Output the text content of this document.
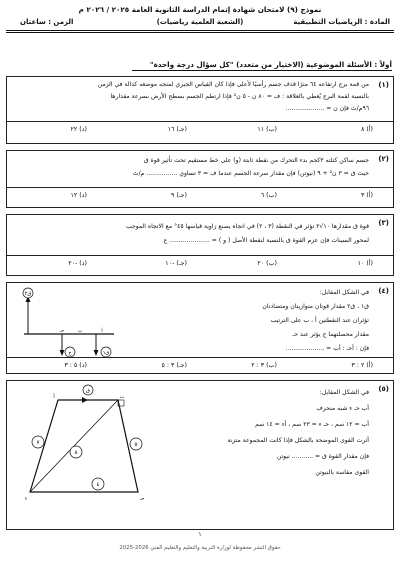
نموذج (٩) لامتحان شهادة إتمام الدراسة الثانوية العامة ٢٠٢٥ / ٢٠٢٦ م
المادة : الرياضيات التطبيقية
(الشعبة العلمية رياضيات)
الزمن : ساعتان
أولاً : الأسئلة الموضوعية (الاختيار من متعدد) "كل سؤال درجة واحدة"
(١)
من قمة برج ارتفاعه ٦٤ مترًا قذف جسم رأسيًا لأعلى فإذا كان القياس الجبري لمتجه موضعه كدالة في الزمن
بالنسبة لقمة البرج يُعطي بالعلاقة : ف = ٨٠ ن - ٥ ن² فإذا ارتطم الجسم بسطح الأرض بسرعة مقدارها
٩٦م/ث فإن ن = ....................
(أ) ٨
(ب) ١١
(جـ) ١٦
(د) ٢٢
(٢)
جسم ساكن كتلته ٣كجم بدء التحرك من نقطة ثابتة (و) على خط مستقيم تحت تأثير قوة ق
حيث ق = ٣ ن² + ٩ (نيوتن) فإن مقدار سرعة الجسم عندما ف = ٣ تساوي ................ م/ث
(أ) ٣
(ب) ٦
(جـ) ٩
(د) ١٢
(٣)
قوة ق مقدارها ١٠√٢ تؤثر في النقطة (٣ ، ٢) في اتجاه يصنع زاوية قياسها ٤٥° مع الاتجاه الموجب
لمحور السينات فإن عزم القوة ق بالنسبة لنقطة الأصل ( و ) = ..................... ع
(أ) ١٠
(ب) ٢٠
(جـ) -١٠
(د) -٢٠
(٤)
في الشكل المقابل:
ق١ ، ق٢ مقدار قوتان متوازيتان ومتضادتان
تؤثران عند النقطتين أ ، ب على الترتيب
مقدار محصلتهما ح يؤثر عند حـ
فإن : أحـ : أب = ....................
(أ) ٢ : ٣
(ب) ٣ : ٢
(جـ) ٣ : ٥
(د) ٥ : ٣
ق٢
حـ
ح	ق١
ب	أ
(٥)
في الشكل المقابل:
أب حـ ء شبه منحرف
أب = ١٢ سم ، حـ ء = ٢٣ سم ، أء = ١٤ سم
أثرت القوى الموضحة بالشكل فإذا كانت المجموعة متزنة
فإن مقدار القوة ق = ........... نيوتن
القوى مقاسة بالنيوتن
ق
٥
٧
٨
٤
أ	ب
حـ
ء
١
حقوق النشر محفوظة لوزارة التربية والتعليم والتعليم الفني 2026-2025
